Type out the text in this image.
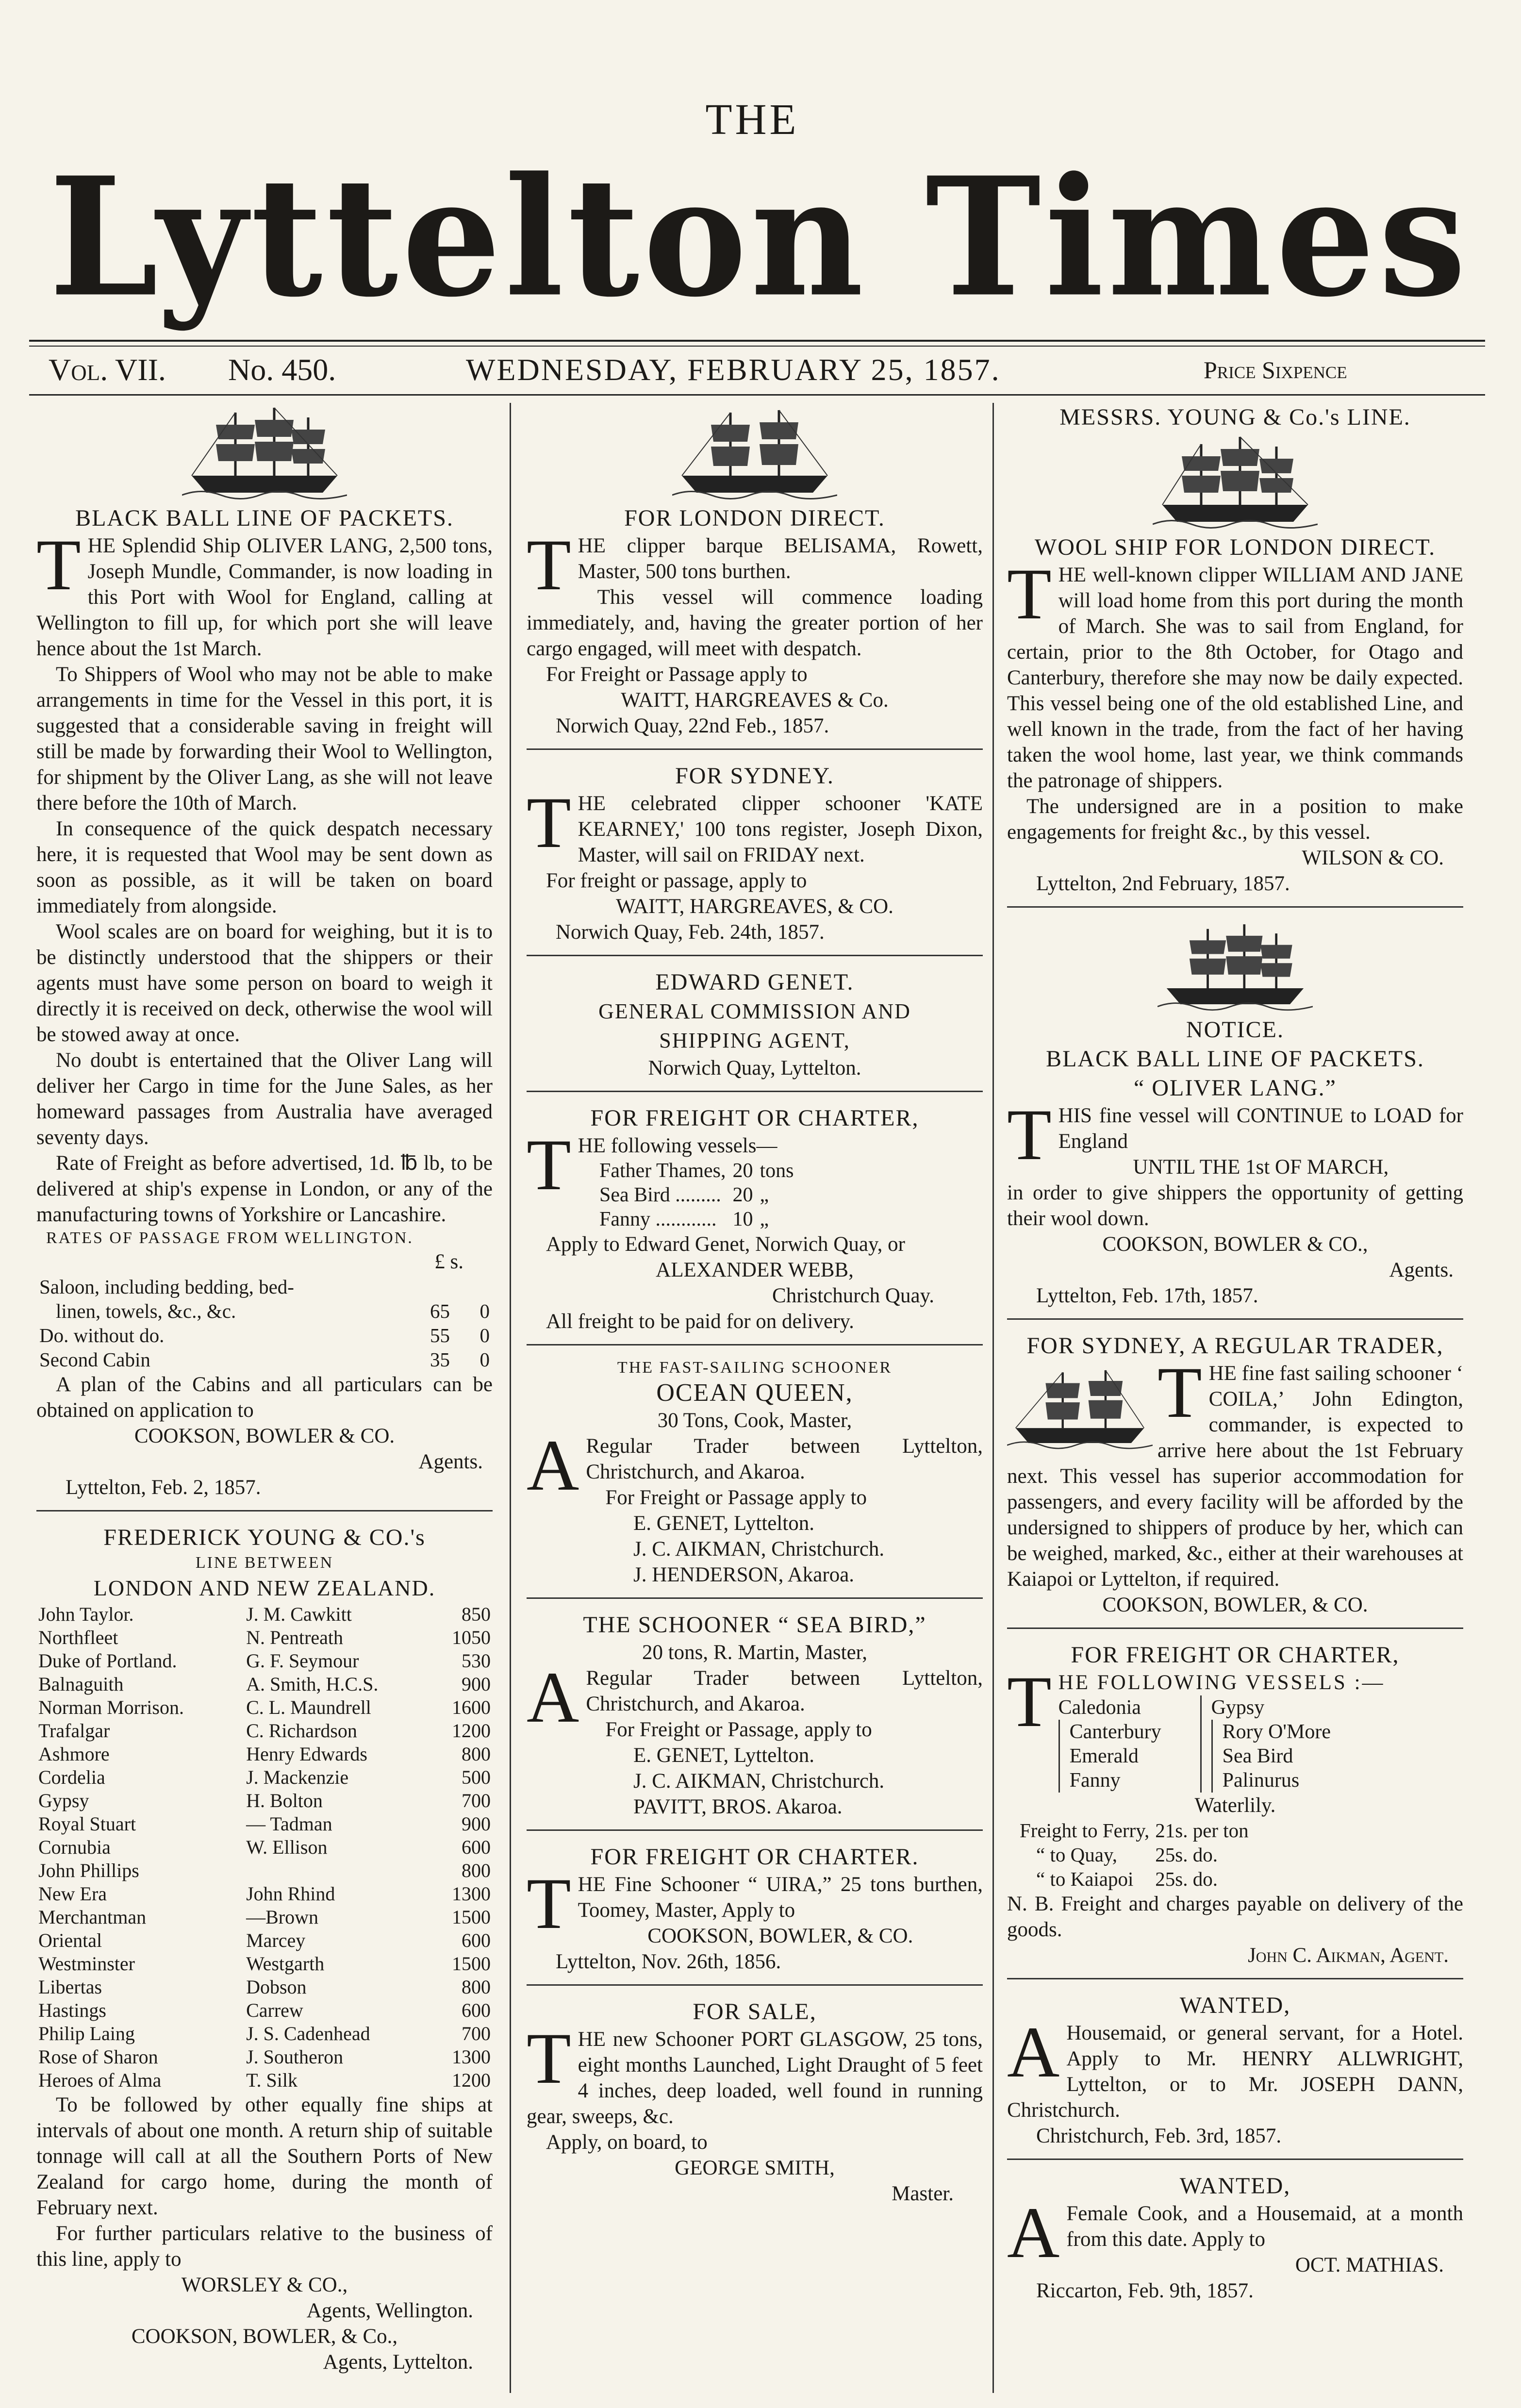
THE
Lyttelton Times
Vol. VII. No. 450.	WEDNESDAY, FEBRUARY 25, 1857.	Price Sixpence
BLACK BALL LINE OF PACKETS.
THE Splendid Ship OLIVER LANG, 2,500 tons, Joseph Mundle, Commander, is now loading in this Port with Wool for England, calling at Wellington to fill up, for which port she will leave hence about the 1st March.
To Shippers of Wool who may not be able to make arrangements in time for the Vessel in this port, it is suggested that a considerable saving in freight will still be made by forwarding their Wool to Wellington, for shipment by the Oliver Lang, as she will not leave there before the 10th of March.
In consequence of the quick despatch necessary here, it is requested that Wool may be sent down as soon as possible, as it will be taken on board immediately from alongside.
Wool scales are on board for weighing, but it is to be distinctly understood that the shippers or their agents must have some person on board to weigh it directly it is received on deck, otherwise the wool will be stowed away at once.
No doubt is entertained that the Oliver Lang will deliver her Cargo in time for the June Sales, as her homeward passages from Australia have averaged seventy days.
Rate of Freight as before advertised, 1d. ℔ lb, to be delivered at ship's expense in London, or any of the manufacturing towns of Yorkshire or Lancashire.
RATES OF PASSAGE FROM WELLINGTON.
£ s.
Saloon, including bedding, bed-		
linen, towels, &c., &c.	65	0
Do. without do.	55	0
Second Cabin	35	0
A plan of the Cabins and all particulars can be obtained on application to
COOKSON, BOWLER & CO.
Agents.
Lyttelton, Feb. 2, 1857.
FREDERICK YOUNG & CO.'s
LINE BETWEEN
LONDON AND NEW ZEALAND.
John Taylor.	J. M. Cawkitt	850
Northfleet	N. Pentreath	1050
Duke of Portland.	G. F. Seymour	530
Balnaguith	A. Smith, H.C.S.	900
Norman Morrison.	C. L. Maundrell	1600
Trafalgar	C. Richardson	1200
Ashmore	Henry Edwards	800
Cordelia	J. Mackenzie	500
Gypsy	H. Bolton	700
Royal Stuart	— Tadman	900
Cornubia	W. Ellison	600
John Phillips		800
New Era	John Rhind	1300
Merchantman	—Brown	1500
Oriental	Marcey	600
Westminster	Westgarth	1500
Libertas	Dobson	800
Hastings	Carrew	600
Philip Laing	J. S. Cadenhead	700
Rose of Sharon	J. Southeron	1300
Heroes of Alma	T. Silk	1200
To be followed by other equally fine ships at intervals of about one month. A return ship of suitable tonnage will call at all the Southern Ports of New Zealand for cargo home, during the month of February next.
For further particulars relative to the business of this line, apply to
WORSLEY & CO.,
Agents, Wellington.
COOKSON, BOWLER, & Co.,
Agents, Lyttelton.
FOR LONDON DIRECT.
THE clipper barque BELISAMA, Rowett, Master, 500 tons burthen.
This vessel will commence loading immediately, and, having the greater portion of her cargo engaged, will meet with despatch.
For Freight or Passage apply to
WAITT, HARGREAVES & Co.
Norwich Quay, 22nd Feb., 1857.
FOR SYDNEY.
THE celebrated clipper schooner 'KATE KEARNEY,' 100 tons register, Joseph Dixon, Master, will sail on FRIDAY next.
For freight or passage, apply to
WAITT, HARGREAVES, & CO.
Norwich Quay, Feb. 24th, 1857.
EDWARD GENET.
GENERAL COMMISSION AND
SHIPPING AGENT,
Norwich Quay, Lyttelton.
FOR FREIGHT OR CHARTER,
THE following vessels—
Father Thames,	20	tons
Sea Bird .........	20	„
Fanny ............	10	„
Apply to Edward Genet, Norwich Quay, or
ALEXANDER WEBB,
Christchurch Quay.
All freight to be paid for on delivery.
THE FAST-SAILING SCHOONER
OCEAN QUEEN,
30 Tons, Cook, Master,
A Regular Trader between Lyttelton, Christchurch, and Akaroa.
For Freight or Passage apply to
E. GENET, Lyttelton.
J. C. AIKMAN, Christchurch.
J. HENDERSON, Akaroa.
THE SCHOONER “ SEA BIRD,”
20 tons, R. Martin, Master,
A Regular Trader between Lyttelton, Christchurch, and Akaroa.
For Freight or Passage, apply to
E. GENET, Lyttelton.
J. C. AIKMAN, Christchurch.
PAVITT, BROS. Akaroa.
FOR FREIGHT OR CHARTER.
THE Fine Schooner “ UIRA,” 25 tons burthen, Toomey, Master, Apply to
COOKSON, BOWLER, & CO.
Lyttelton, Nov. 26th, 1856.
FOR SALE,
THE new Schooner PORT GLASGOW, 25 tons, eight months Launched, Light Draught of 5 feet 4 inches, deep loaded, well found in running gear, sweeps, &c.
Apply, on board, to
GEORGE SMITH,
Master.
MESSRS. YOUNG & Co.'s LINE.
WOOL SHIP FOR LONDON DIRECT.
THE well-known clipper WILLIAM AND JANE will load home from this port during the month of March. She was to sail from England, for certain, prior to the 8th October, for Otago and Canterbury, therefore she may now be daily expected. This vessel being one of the old established Line, and well known in the trade, from the fact of her having taken the wool home, last year, we think commands the patronage of shippers.
The undersigned are in a position to make engagements for freight &c., by this vessel.
WILSON & CO.
Lyttelton, 2nd February, 1857.
NOTICE.
BLACK BALL LINE OF PACKETS.
“ OLIVER LANG.”
THIS fine vessel will CONTINUE to LOAD for England
UNTIL THE 1st OF MARCH,
in order to give shippers the opportunity of getting their wool down.
COOKSON, BOWLER & CO.,
Agents.
Lyttelton, Feb. 17th, 1857.
FOR SYDNEY, A REGULAR TRADER,
THE fine fast sailing schooner ‘ COILA,’ John Edington, commander, is expected to arrive here about the 1st February next. This vessel has superior accommodation for passengers, and every facility will be afforded by the undersigned to shippers of produce by her, which can be weighed, marked, &c., either at their warehouses at Kaiapoi or Lyttelton, if required.
COOKSON, BOWLER, & CO.
FOR FREIGHT OR CHARTER,
THE FOLLOWING VESSELS :—
Caledonia
Canterbury
Emerald
Fanny
Gypsy
Rory O'More
Sea Bird
Palinurus
Waterlily.
Freight to Ferry,	21s. per ton
“ to Quay,	25s. do.
“ to Kaiapoi	25s. do.
N. B. Freight and charges payable on delivery of the goods.
John C. Aikman, Agent.
WANTED,
A Housemaid, or general servant, for a Hotel. Apply to Mr. HENRY ALLWRIGHT, Lyttelton, or to Mr. JOSEPH DANN, Christchurch.
Christchurch, Feb. 3rd, 1857.
WANTED,
A Female Cook, and a Housemaid, at a month from this date. Apply to
OCT. MATHIAS.
Riccarton, Feb. 9th, 1857.
